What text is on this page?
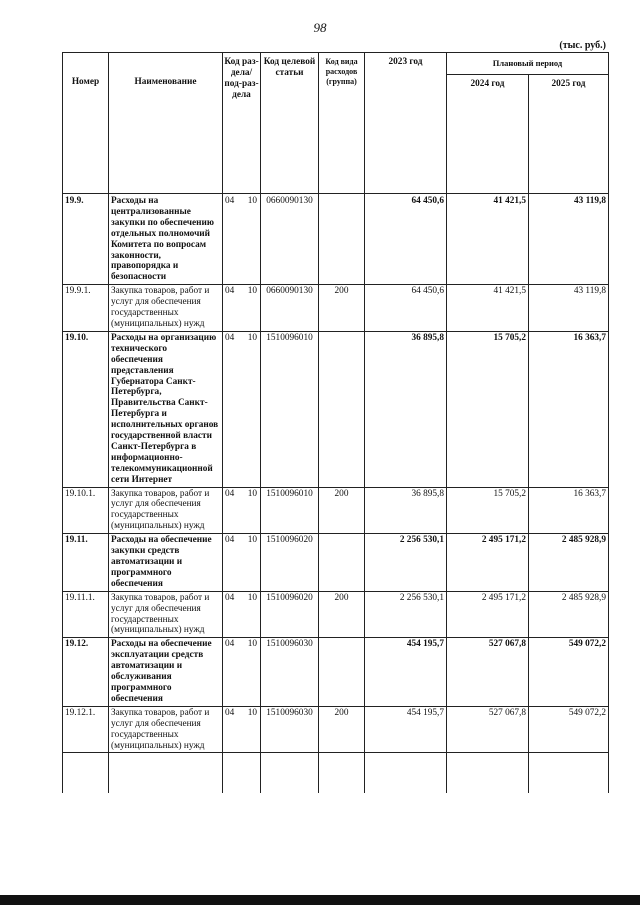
98
(тыс. руб.)
Номер	Наименование	Код раз-дела/ под-раз-дела	Код целевой статьи	Код вида расходов (группа)	2023 год	Плановый период	
						2024 год	2025 год
19.9.	Расходы на централизованные закупки по обеспечению отдельных полномочий Комитета по вопросам законности, правопорядка и безопасности	04 10	0660090130		64 450,6	41 421,5	43 119,8
19.9.1.	Закупка товаров, работ и услуг для обеспечения государственных (муниципальных) нужд	04 10	0660090130	200	64 450,6	41 421,5	43 119,8
19.10.	Расходы на организацию технического обеспечения представления Губернатора Санкт-Петербурга, Правительства Санкт-Петербурга и исполнительных органов государственной власти Санкт-Петербурга в информационно-телекоммуникационной сети Интернет	04 10	1510096010		36 895,8	15 705,2	16 363,7
19.10.1.	Закупка товаров, работ и услуг для обеспечения государственных (муниципальных) нужд	04 10	1510096010	200	36 895,8	15 705,2	16 363,7
19.11.	Расходы на обеспечение закупки средств автоматизации и программного обеспечения	04 10	1510096020		2 256 530,1	2 495 171,2	2 485 928,9
19.11.1.	Закупка товаров, работ и услуг для обеспечения государственных (муниципальных) нужд	04 10	1510096020	200	2 256 530,1	2 495 171,2	2 485 928,9
19.12.	Расходы на обеспечение эксплуатации средств автоматизации и обслуживания программного обеспечения	04 10	1510096030		454 195,7	527 067,8	549 072,2
19.12.1.	Закупка товаров, работ и услуг для обеспечения государственных (муниципальных) нужд	04 10	1510096030	200	454 195,7	527 067,8	549 072,2
